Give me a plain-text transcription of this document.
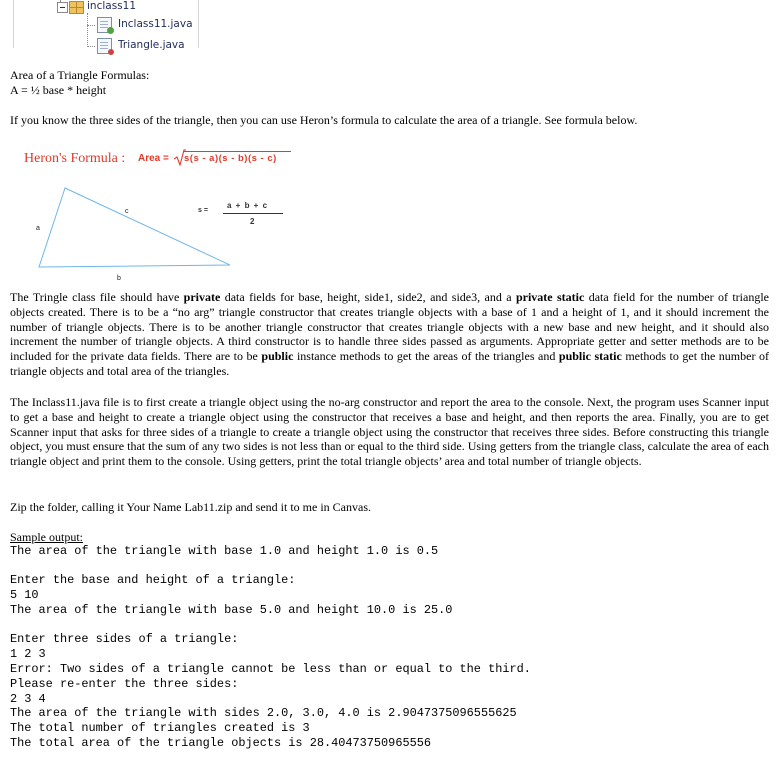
inclass11
Inclass11.java
Triangle.java
Area of a Triangle Formulas:
A = ½ base * height
If you know the three sides of the triangle, then you can use Heron’s formula to calculate the area of a triangle. See formula below.
Heron's Formula : Area = s(s - a)(s - b)(s - c)
a
c
b
s =
a + b + c
2
The Tringle class file should have private data fields for base, height, side1, side2, and side3, and a private static data field for the number of triangle objects created. There is to be a “no arg” triangle constructor that creates triangle objects with a base of 1 and a height of 1, and it should increment the number of triangle objects. There is to be another triangle constructor that creates triangle objects with a new base and new height, and it should also increment the number of triangle objects. A third constructor is to handle three sides passed as arguments. Appropriate getter and setter methods are to be included for the private data fields. There are to be public instance methods to get the areas of the triangles and public static methods to get the number of triangle objects and total area of the triangles.
The Inclass11.java file is to first create a triangle object using the no-arg constructor and report the area to the console. Next, the program uses Scanner input to get a base and height to create a triangle object using the constructor that receives a base and height, and then reports the area. Finally, you are to get Scanner input that asks for three sides of a triangle to create a triangle object using the constructor that receives three sides. Before constructing this triangle object, you must ensure that the sum of any two sides is not less than or equal to the third side. Using getters from the triangle class, calculate the area of each triangle object and print them to the console. Using getters, print the total triangle objects’ area and total number of triangle objects.
Zip the folder, calling it Your Name Lab11.zip and send it to me in Canvas.
Sample output:
The area of the triangle with base 1.0 and height 1.0 is 0.5
Enter the base and height of a triangle:
5 10
The area of the triangle with base 5.0 and height 10.0 is 25.0
Enter three sides of a triangle:
1 2 3
Error: Two sides of a triangle cannot be less than or equal to the third.
Please re-enter the three sides:
2 3 4
The area of the triangle with sides 2.0, 3.0, 4.0 is 2.9047375096555625
The total number of triangles created is 3
The total area of the triangle objects is 28.40473750965556
